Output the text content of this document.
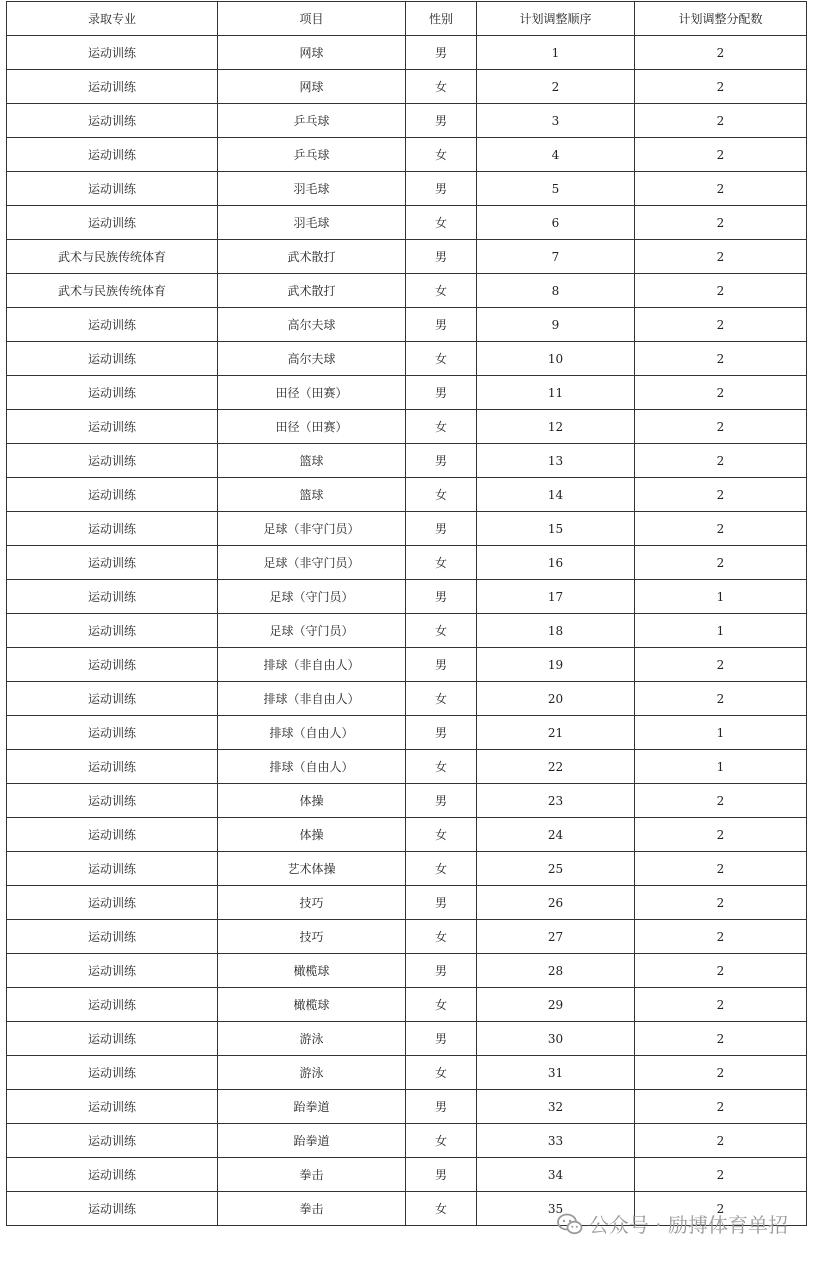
录取专业	项目	性别	计划调整顺序	计划调整分配数
运动训练	网球	男	1	2
运动训练	网球	女	2	2
运动训练	乒乓球	男	3	2
运动训练	乒乓球	女	4	2
运动训练	羽毛球	男	5	2
运动训练	羽毛球	女	6	2
武术与民族传统体育	武术散打	男	7	2
武术与民族传统体育	武术散打	女	8	2
运动训练	高尔夫球	男	9	2
运动训练	高尔夫球	女	10	2
运动训练	田径（田赛）	男	11	2
运动训练	田径（田赛）	女	12	2
运动训练	篮球	男	13	2
运动训练	篮球	女	14	2
运动训练	足球（非守门员）	男	15	2
运动训练	足球（非守门员）	女	16	2
运动训练	足球（守门员）	男	17	1
运动训练	足球（守门员）	女	18	1
运动训练	排球（非自由人）	男	19	2
运动训练	排球（非自由人）	女	20	2
运动训练	排球（自由人）	男	21	1
运动训练	排球（自由人）	女	22	1
运动训练	体操	男	23	2
运动训练	体操	女	24	2
运动训练	艺术体操	女	25	2
运动训练	技巧	男	26	2
运动训练	技巧	女	27	2
运动训练	橄榄球	男	28	2
运动训练	橄榄球	女	29	2
运动训练	游泳	男	30	2
运动训练	游泳	女	31	2
运动训练	跆拳道	男	32	2
运动训练	跆拳道	女	33	2
运动训练	拳击	男	34	2
运动训练	拳击	女	35	2
公众号 · 励搏体育单招
